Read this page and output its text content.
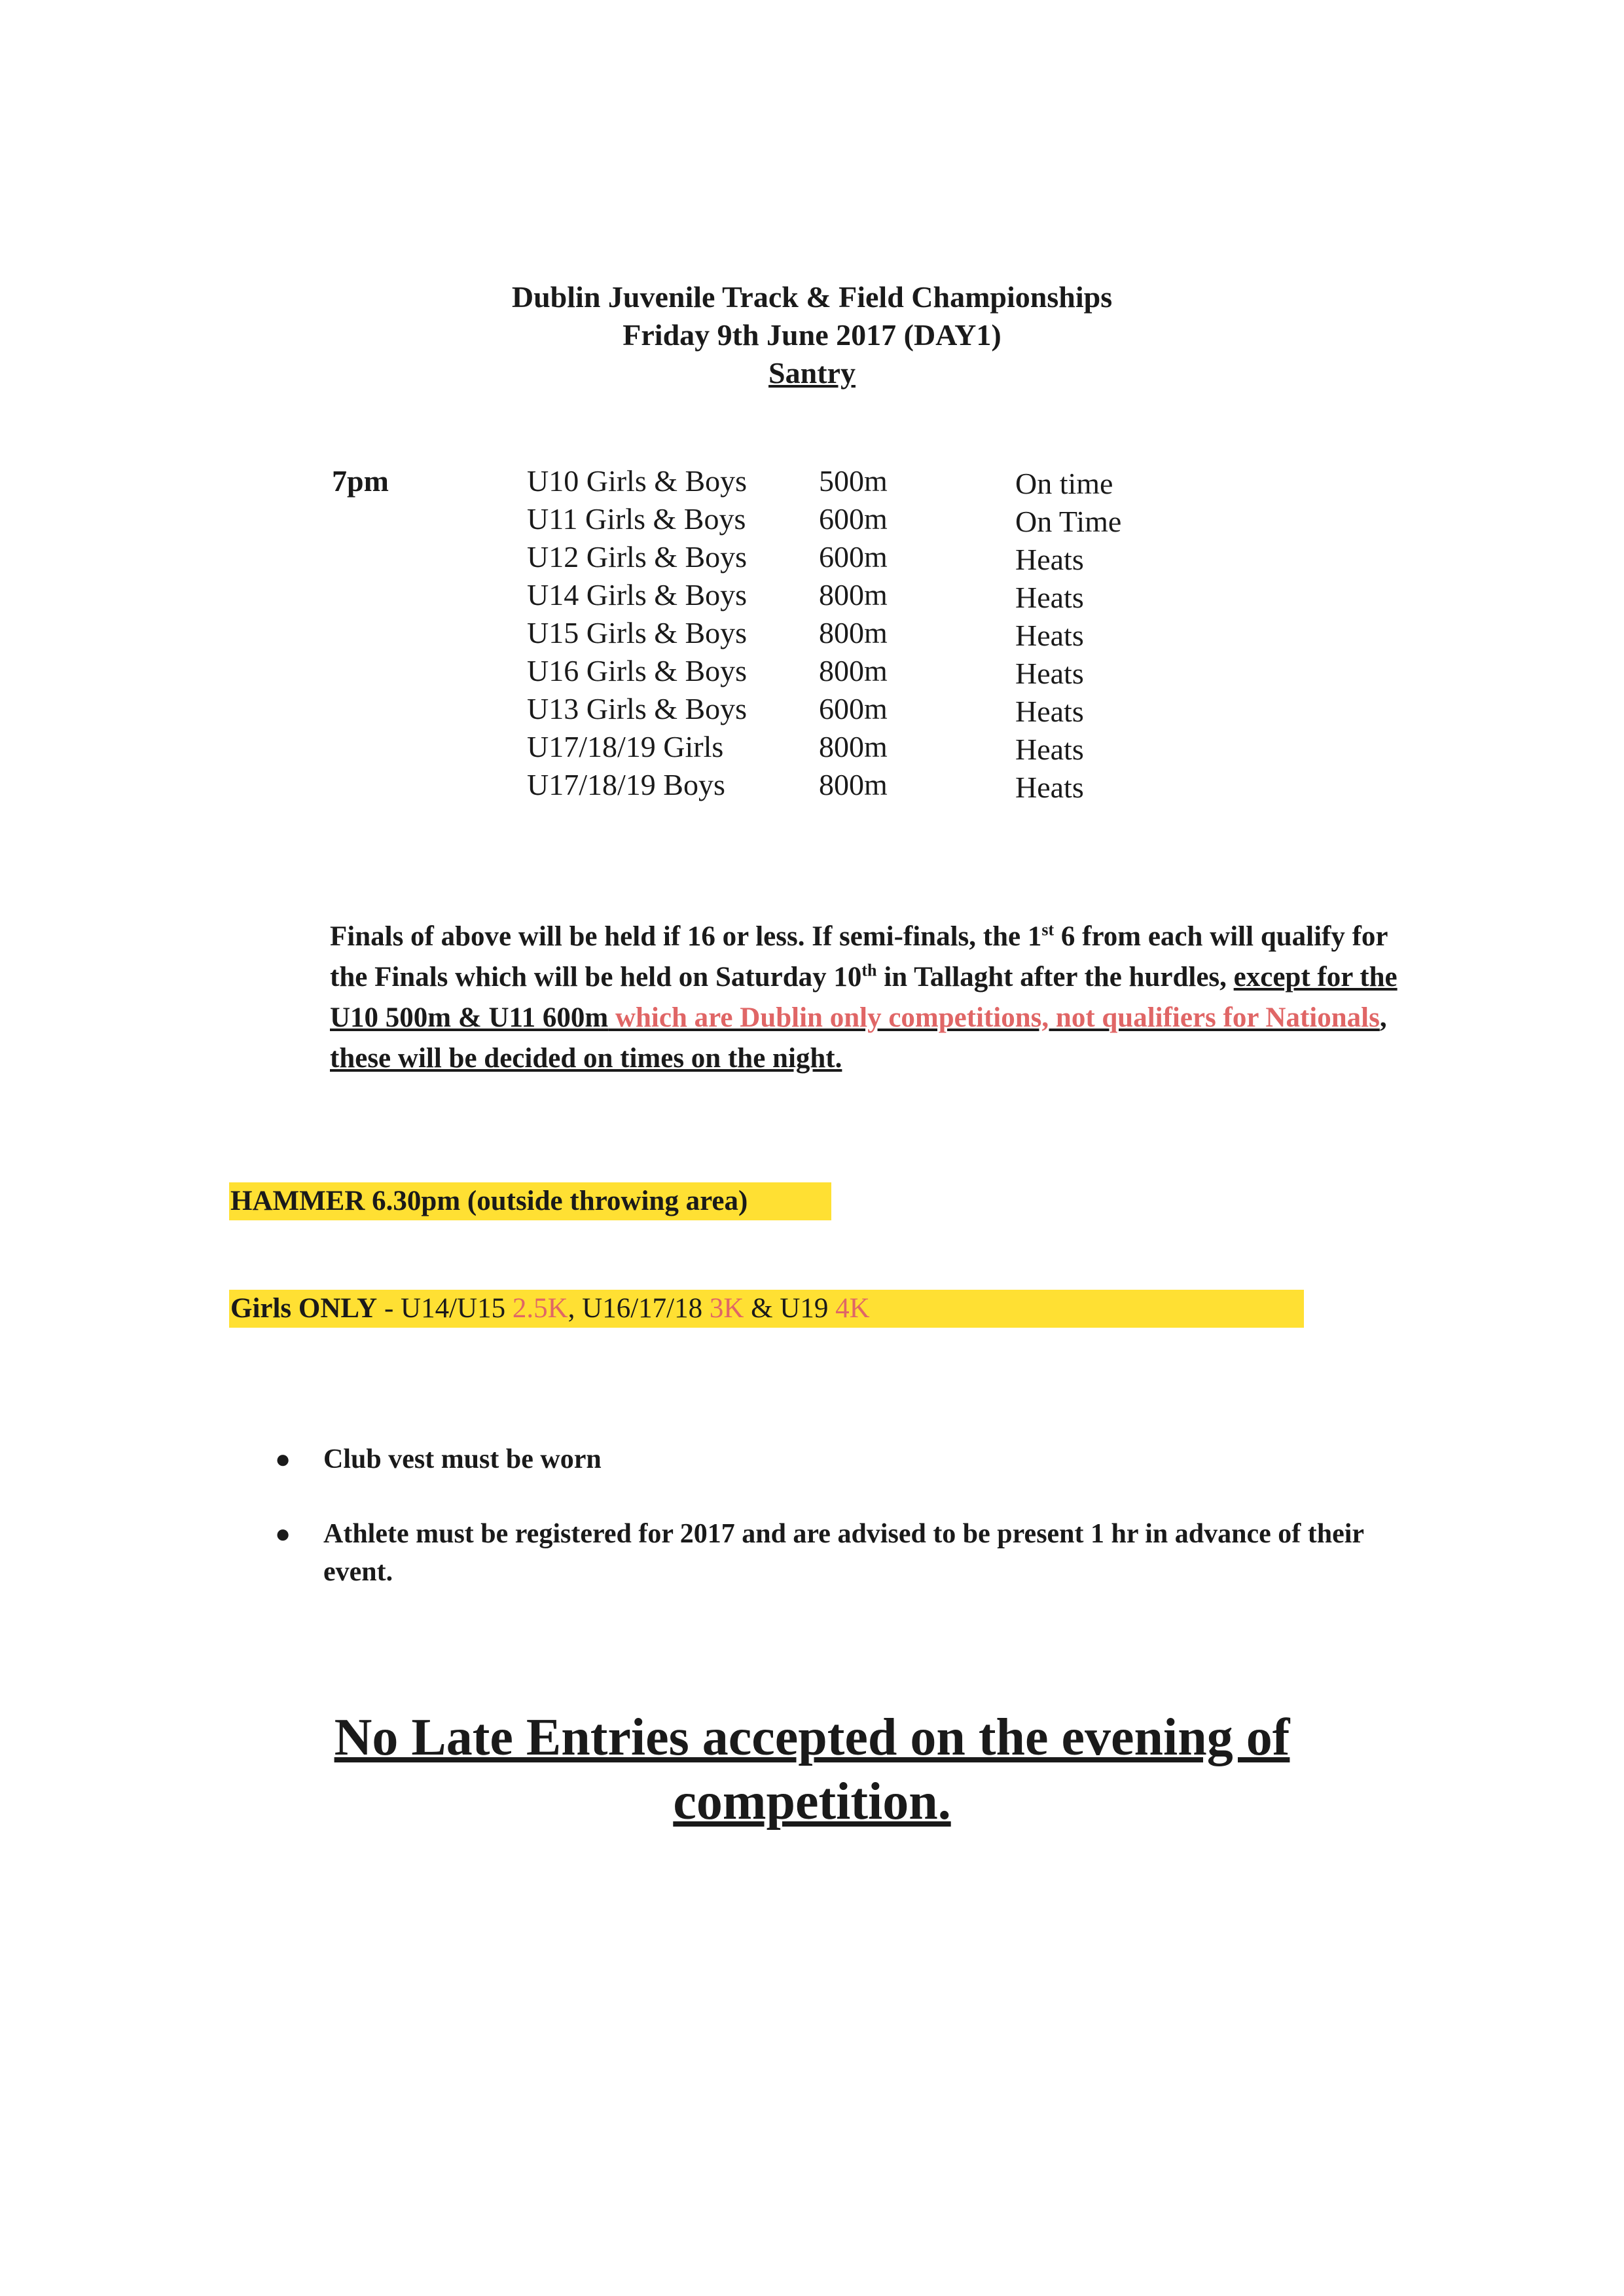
Dublin Juvenile Track & Field Championships
Friday 9th June 2017 (DAY1)
Santry
7pm	U10 Girls & Boys 500m	On time
U11 Girls & Boys 600m	On Time
U12 Girls & Boys 600m	Heats
U14 Girls & Boys 800m	Heats
U15 Girls & Boys 800m	Heats
U16 Girls & Boys 800m	Heats
U13 Girls & Boys 600m	Heats
U17/18/19 Girls	800m	Heats
U17/18/19 Boys	800m	Heats
Finals of above will be held if 16 or less. If semi-finals, the 1st 6 from each will qualify for the Finals which will be held on Saturday 10th in Tallaght after the hurdles, except for the U10 500m & U11 600m which are Dublin only competitions, not qualifiers for Nationals, these will be decided on times on the night.
HAMMER 6.30pm (outside throwing area)
Girls ONLY - U14/U15 2.5K, U16/17/18 3K & U19 4K
● Club vest must be worn
● Athlete must be registered for 2017 and are advised to be present 1 hr in advance of their event.
No Late Entries accepted on the evening of
competition.
